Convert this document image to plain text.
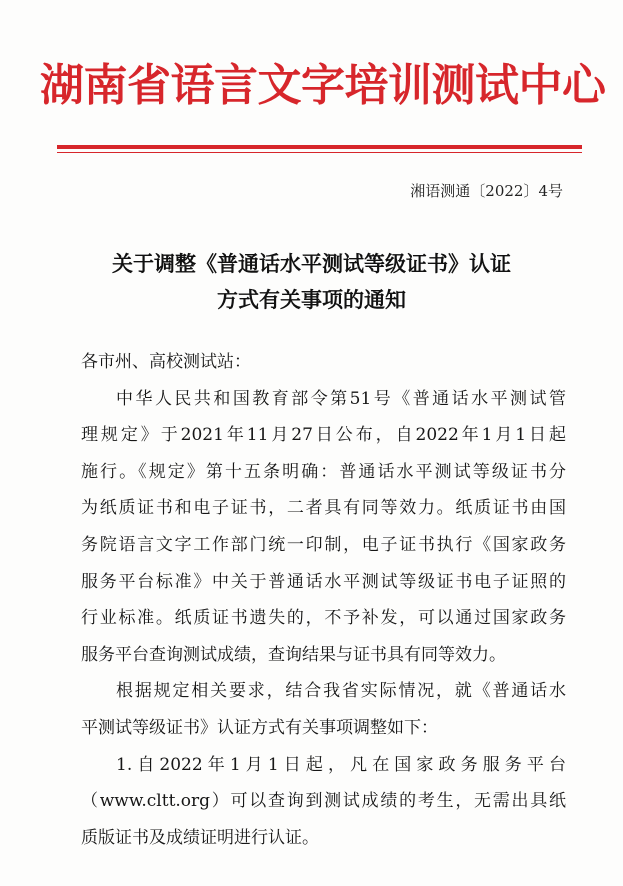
湖南省语言文字培训测试中心
湘语测通〔2022〕4号
关于调整《普通话水平测试等级证书》认证
方式有关事项的通知
各市州、高校测试站：
中华人民共和国教育部令第51号《普通话水平测试管
理规定》于2021年11月27日公布，自2022年1月1日起
施行。《规定》第十五条明确：普通话水平测试等级证书分
为纸质证书和电子证书，二者具有同等效力。纸质证书由国
务院语言文字工作部门统一印制，电子证书执行《国家政务
服务平台标准》中关于普通话水平测试等级证书电子证照的
行业标准。纸质证书遗失的，不予补发，可以通过国家政务
服务平台查询测试成绩，查询结果与证书具有同等效力。
根据规定相关要求，结合我省实际情况，就《普通话水
平测试等级证书》认证方式有关事项调整如下：
1.自2022年1月1日起，凡在国家政务服务平台
（www.cltt.org）可以查询到测试成绩的考生，无需出具纸
质版证书及成绩证明进行认证。
